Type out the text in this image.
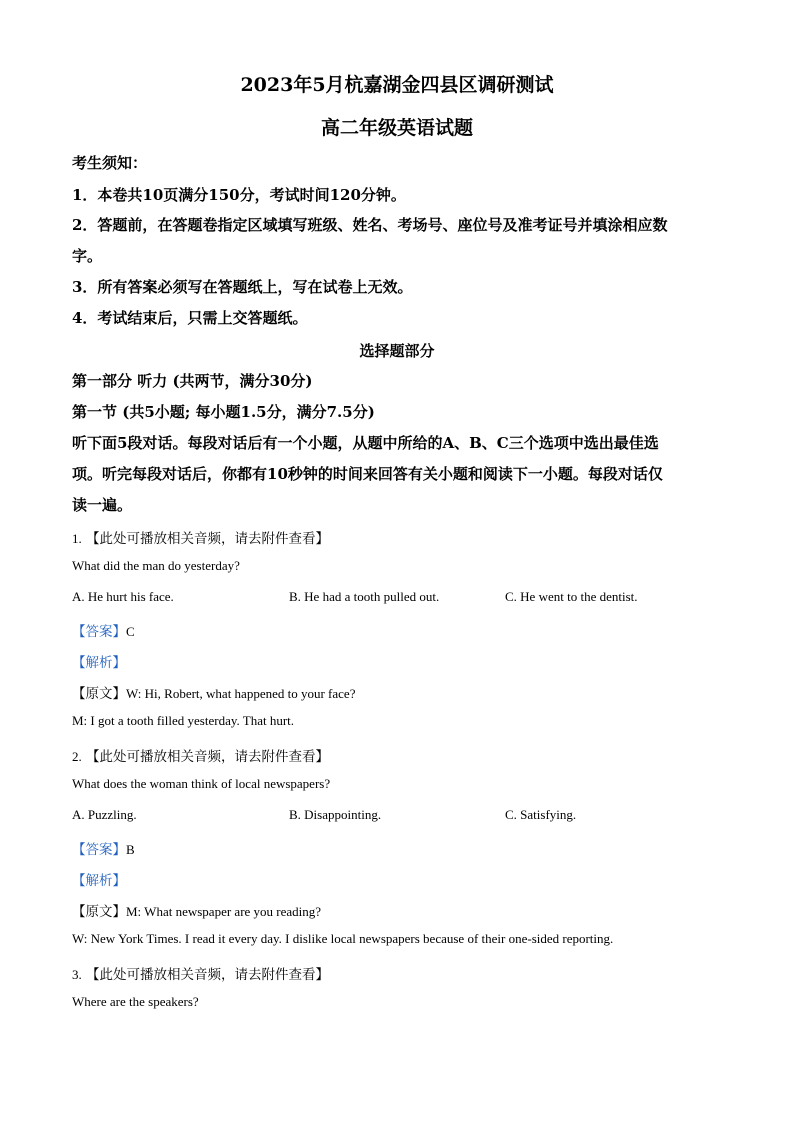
2023年5月杭嘉湖金四县区调研测试
高二年级英语试题
考生须知：
1．本卷共10页满分150分，考试时间120分钟。
2．答题前，在答题卷指定区域填写班级、姓名、考场号、座位号及准考证号并填涂相应数
字。
3．所有答案必须写在答题纸上，写在试卷上无效。
4．考试结束后，只需上交答题纸。
选择题部分
第一部分 听力 (共两节，满分30分)
第一节 (共5小题; 每小题1.5分，满分7.5分)
听下面5段对话。每段对话后有一个小题，从题中所给的A、B、C三个选项中选出最佳选
项。听完每段对话后，你都有10秒钟的时间来回答有关小题和阅读下一小题。每段对话仅
读一遍。
1. 【此处可播放相关音频，请去附件查看】
What did the man do yesterday?
A. He hurt his face.	B. He had a tooth pulled out.	C. He went to the dentist.
【答案】C
【解析】
【原文】W: Hi, Robert, what happened to your face?
M: I got a tooth filled yesterday. That hurt.
2. 【此处可播放相关音频，请去附件查看】
What does the woman think of local newspapers?
A. Puzzling.	B. Disappointing.	C. Satisfying.
【答案】B
【解析】
【原文】M: What newspaper are you reading?
W: New York Times. I read it every day. I dislike local newspapers because of their one-sided reporting.
3. 【此处可播放相关音频，请去附件查看】
Where are the speakers?
